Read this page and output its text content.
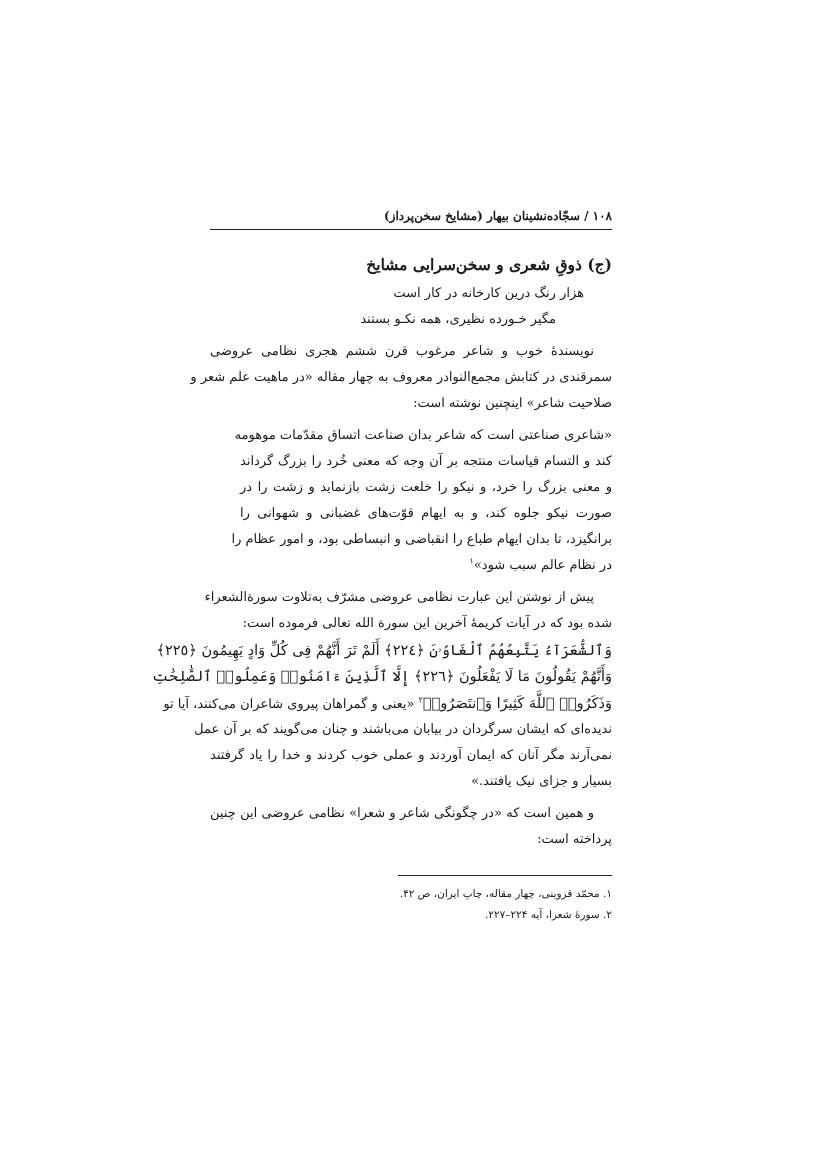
۱۰۸ / سجّاده‌نشینان بیهار (مشایخ سخن‌پرداز)
(ج) ذوقِ شعری و سخن‌سرایی مشایخ
هزار رنگ درین کارخانه در کار است
مگیر خـورده نظیری، همه نکـو بستند
نویسندۀ خوب و شاعر مرغوب قرن ششم هجری نظامی عروضی
سمرقندی در کتابش مجمع‌النوادر معروف به چهار مقاله «در ماهیت علم شعر و
صلاحیت شاعر» اینچنین نوشته است:
«شاعری صناعتی است که شاعر بدان صناعت اتساق مقدّمات موهومه
کند و التسام قیاسات منتجه بر آن وجه که معنی خُرد را بزرگ گرداند
و معنی بزرگ را خرد، و نیکو را خلعت زشت بازنماید و زشت را در
صورت نیکو جلوه کند، و به ایهام قوّت‌های غضبانی و شهوانی را
برانگیزد، تا بدان ایهام طباع را انقباضی و انبساطی بود، و امور عظام را
در نظام عالم سبب شود»$^۱$
پیش از نوشتن این عبارت نظامی عروضی مشرّف به‌تلاوت سورة‌الشعراء
شده بود که در آیات کریمۀ آخرین این سورة الله تعالی فرموده است:
وَٱلشُّعَرَآءُ يَتَّبِعُهُمُ ٱلْغَاوُۥنَ ﴿٢٢٤﴾ أَلَمْ تَرَ أَنَّهُمْ فِى كُلِّ وَادٍ يَهِيمُونَ ﴿٢٢٥﴾
وَأَنَّهُمْ يَقُولُونَ مَا لَا يَفْعَلُونَ ﴿٢٢٦﴾ إِلَّا ٱلَّذِينَ ءَامَنُوا۟ وَعَمِلُوا۟ ٱلصَّٰلِحَٰتِ
وَذَكَرُوا۟ ٱللَّهَ كَثِيرًا وَٱنتَصَرُوا۟$^۲$ «یعنی و گمراهان پیروی شاعران می‌کنند، آیا تو
ندیده‌ای که ایشان سرگردان در بیابان می‌باشند و چنان می‌گویند که بر آن عمل
نمی‌آرند مگر آنان که ایمان آوردند و عملی خوب کردند و خدا را یاد گرفتند
بسیار و جزای نیک یافتند.»
و همین است که «در چگونگی شاعر و شعرا» نظامی عروضی این چنین
پرداخته است:
۱. محمّد قزوینی، چهار مقاله، چاپ ایران، ص ۴۲.
۲. سورۀ شعرا، آیه ۲۲۴–۲۲۷.
